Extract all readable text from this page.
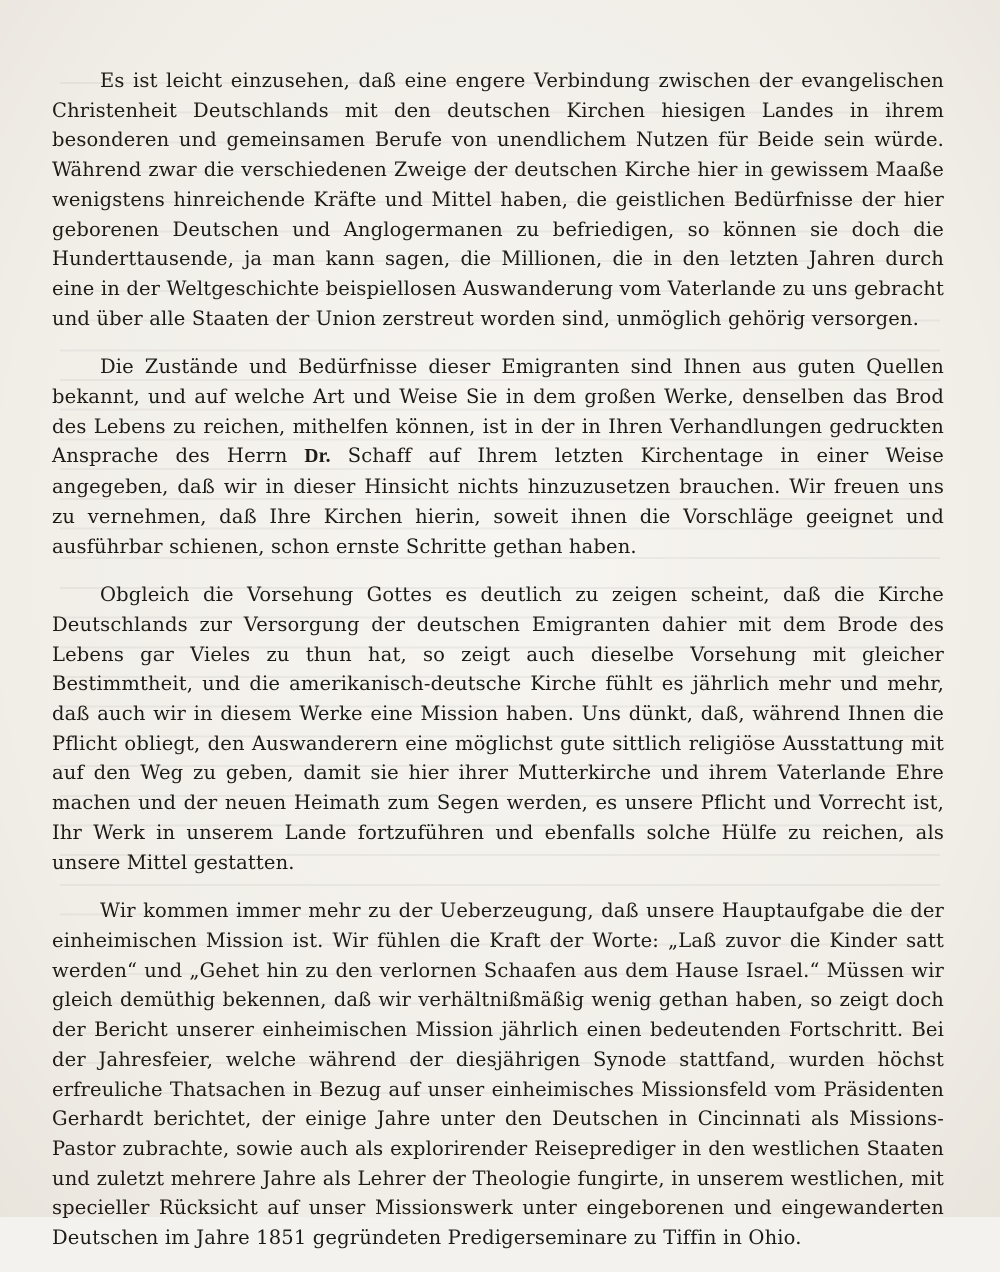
Es ist leicht einzusehen, daß eine engere Verbindung zwischen der evangelischen Christenheit Deutschlands mit den deutschen Kirchen hiesigen Landes in ihrem besonderen und gemeinsamen Berufe von unendlichem Nutzen für Beide sein würde. Während zwar die verschiedenen Zweige der deutschen Kirche hier in gewissem Maaße wenigstens hinreichende Kräfte und Mittel haben, die geistlichen Bedürfnisse der hier geborenen Deutschen und Anglogermanen zu befriedigen, so können sie doch die Hunderttausende, ja man kann sagen, die Millionen, die in den letzten Jahren durch eine in der Weltgeschichte beispiellosen Auswanderung vom Vaterlande zu uns gebracht und über alle Staaten der Union zerstreut worden sind, unmöglich gehörig versorgen.

Die Zustände und Bedürfnisse dieser Emigranten sind Ihnen aus guten Quellen bekannt, und auf welche Art und Weise Sie in dem großen Werke, denselben das Brod des Lebens zu reichen, mithelfen können, ist in der in Ihren Verhandlungen gedruckten Ansprache des Herrn Dr. Schaff auf Ihrem letzten Kirchentage in einer Weise angegeben, daß wir in dieser Hinsicht nichts hinzuzusetzen brauchen. Wir freuen uns zu vernehmen, daß Ihre Kirchen hierin, soweit ihnen die Vorschläge geeignet und ausführbar schienen, schon ernste Schritte gethan haben.

Obgleich die Vorsehung Gottes es deutlich zu zeigen scheint, daß die Kirche Deutschlands zur Versorgung der deutschen Emigranten dahier mit dem Brode des Lebens gar Vieles zu thun hat, so zeigt auch dieselbe Vorsehung mit gleicher Bestimmtheit, und die amerikanisch-deutsche Kirche fühlt es jährlich mehr und mehr, daß auch wir in diesem Werke eine Mission haben. Uns dünkt, daß, während Ihnen die Pflicht obliegt, den Auswanderern eine möglichst gute sittlich religiöse Ausstattung mit auf den Weg zu geben, damit sie hier ihrer Mutterkirche und ihrem Vaterlande Ehre machen und der neuen Heimath zum Segen werden, es unsere Pflicht und Vorrecht ist, Ihr Werk in unserem Lande fortzuführen und ebenfalls solche Hülfe zu reichen, als unsere Mittel gestatten.

Wir kommen immer mehr zu der Ueberzeugung, daß unsere Hauptaufgabe die der einheimischen Mission ist. Wir fühlen die Kraft der Worte: „Laß zuvor die Kinder satt werden“ und „Gehet hin zu den verlornen Schaafen aus dem Hause Israel.“ Müssen wir gleich demüthig bekennen, daß wir verhältnißmäßig wenig gethan haben, so zeigt doch der Bericht unserer einheimischen Mission jährlich einen bedeutenden Fortschritt. Bei der Jahresfeier, welche während der diesjährigen Synode stattfand, wurden höchst erfreuliche Thatsachen in Bezug auf unser einheimisches Missionsfeld vom Präsidenten Gerhardt berichtet, der einige Jahre unter den Deutschen in Cincinnati als Missions-Pastor zubrachte, sowie auch als explorirender Reiseprediger in den westlichen Staaten und zuletzt mehrere Jahre als Lehrer der Theologie fungirte, in unserem westlichen, mit specieller Rücksicht auf unser Missionswerk unter eingeborenen und eingewanderten Deutschen im Jahre 1851 gegründeten Predigerseminare zu Tiffin in Ohio.
